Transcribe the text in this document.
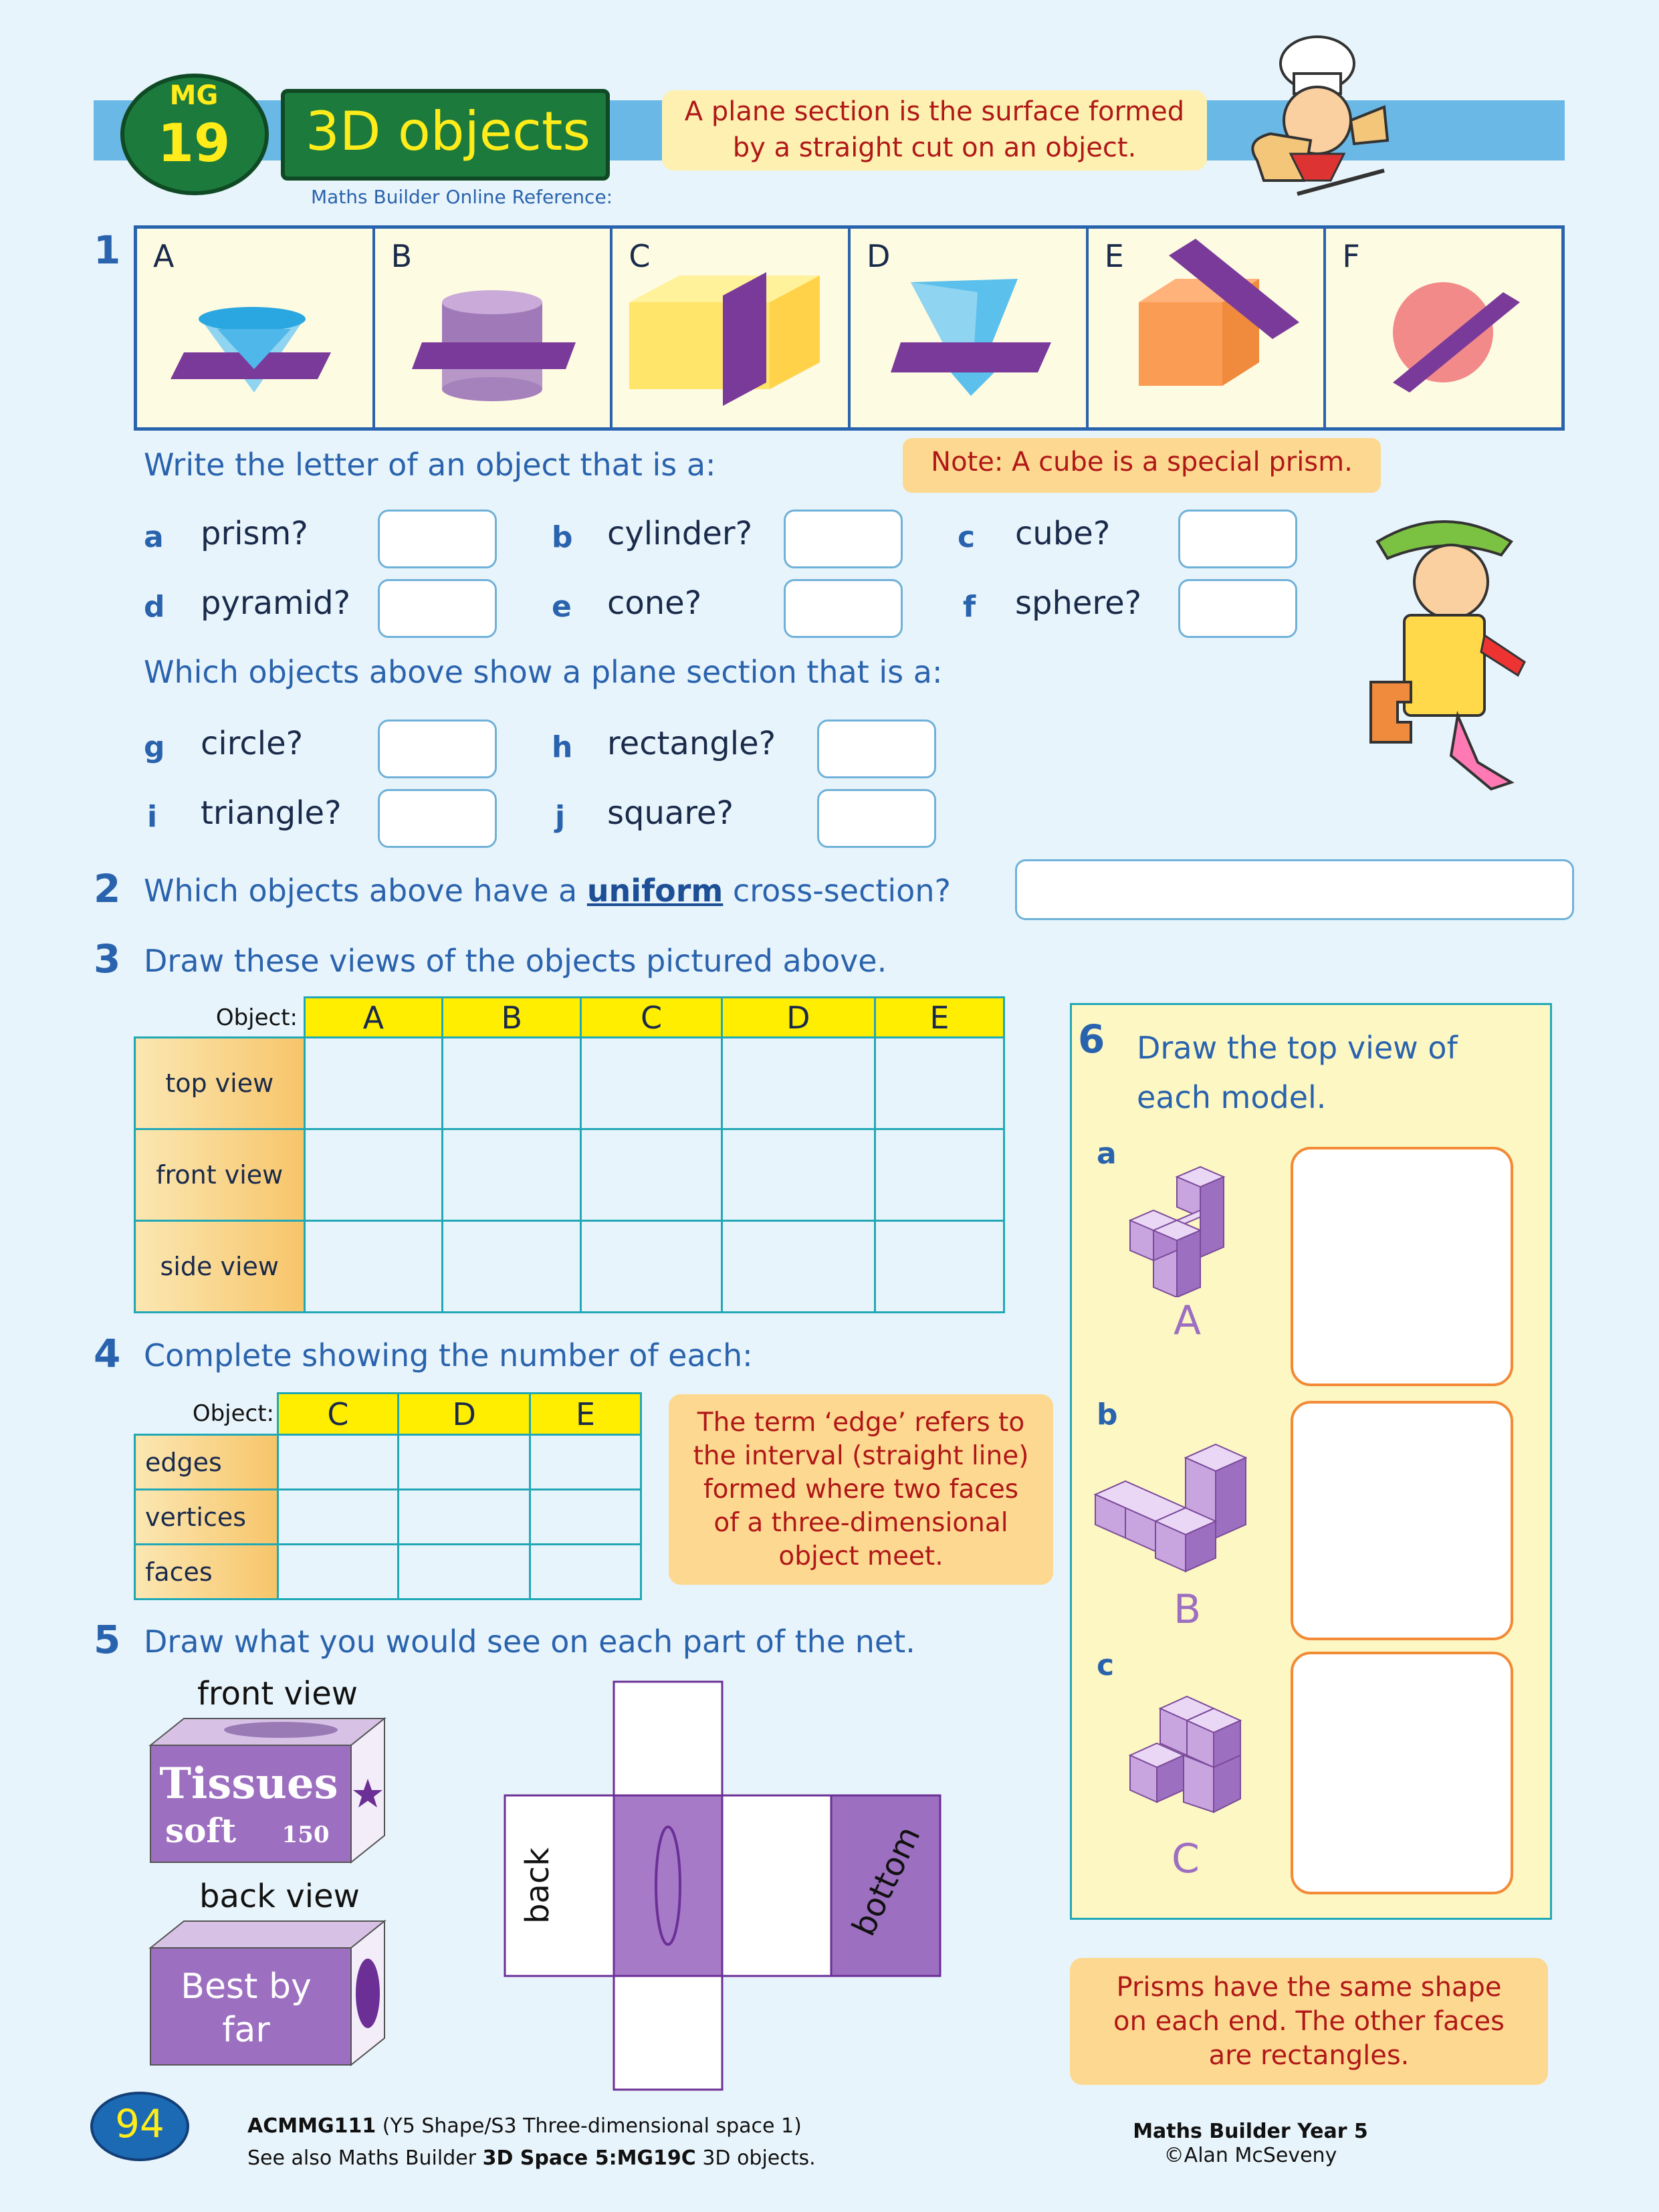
MG
19	3D objects
Maths Builder Online Reference:
A plane section is the surface formed
by a straight cut on an object.
1 A	B	C	D	E	F
Write the letter of an object that is a:	Note: A cube is a special prism.
a prism?	b cylinder?	c cube?
d pyramid?	e cone?	f sphere?
Which objects above show a plane section that is a:
g circle?	h rectangle?
i triangle?	j square?
2 Which objects above have a uniform cross-section?
3 Draw these views of the objects pictured above.
Object:
	A	B	C	D	E
top view					
front view					
side view					
4 Complete showing the number of each:
Object:
	C	D	E
edges			
vertices			
faces			
The term ‘edge’ refers to
the interval (straight line)
formed where two faces
of a three-dimensional
object meet.
5 Draw what you would see on each part of the net.
front view
Tissues
soft 150
back view
Best by
far
back	bottom
6 Draw the top view of
each model.
a
A
b
B
c
C
Prisms have the same shape
on each end. The other faces
are rectangles.
94	ACMMG111 (Y5 Shape/S3 Three-dimensional space 1)
See also Maths Builder 3D Space 5:MG19C 3D objects.
Maths Builder Year 5
©Alan McSeveny
